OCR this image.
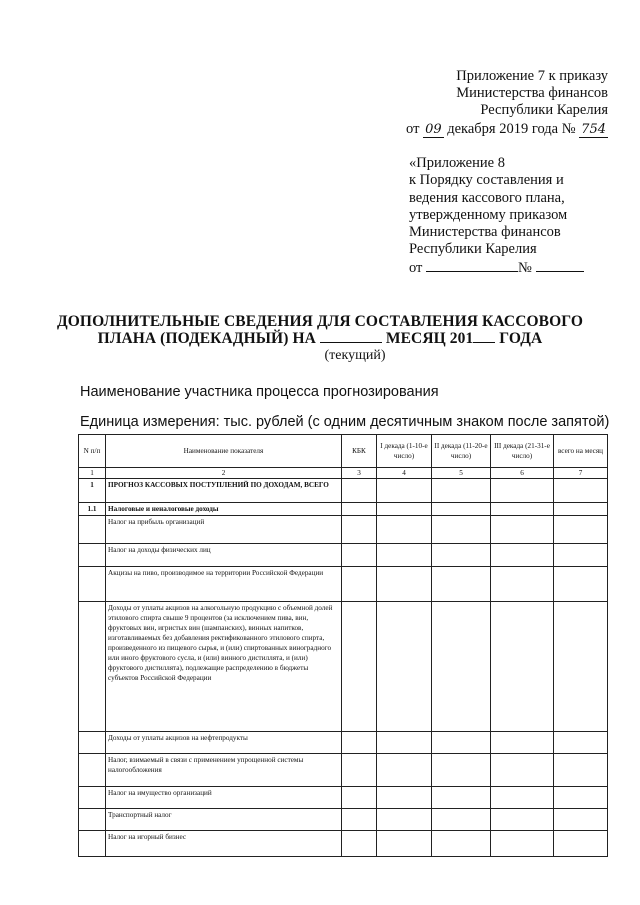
Приложение 7 к приказу
Министерства финансов
Республики Карелия
от 09 декабря 2019 года № 754
«Приложение 8
к Порядку составления и
ведения кассового плана,
утвержденному приказом
Министерства финансов
Республики Карелия
от	№
ДОПОЛНИТЕЛЬНЫЕ СВЕДЕНИЯ ДЛЯ СОСТАВЛЕНИЯ КАССОВОГО
ПЛАНА (ПОДЕКАДНЫЙ) НА	МЕСЯЦ 201 ГОДА
(текущий)
Наименование участника процесса прогнозирования
Единица измерения: тыс. рублей (с одним десятичным знаком после запятой)
N п/п	Наименование показателя	КБК	I декада (1-10-е число)	II декада (11-20-е число)	III декада (21-31-е число)	всего на месяц
1	2	3	4	5	6	7
1	ПРОГНОЗ КАССОВЫХ ПОСТУПЛЕНИЙ ПО ДОХОДАМ, ВСЕГО					
1.1	Налоговые и неналоговые доходы					
	Налог на прибыль организаций					
	Налог на доходы физических лиц					
	Акцизы на пиво, производимое на территории Российской Федерации					
	Доходы от уплаты акцизов на алкогольную продукцию с объемной долей этилового спирта свыше 9 процентов (за исключением пива, вин, фруктовых вин, игристых вин (шампанских), винных напитков, изготавливаемых без добавления ректификованного этилового спирта, произведенного из пищевого сырья, и (или) спиртованных виноградного или иного фруктового сусла, и (или) винного дистиллята, и (или) фруктового дистиллята), подлежащие распределению в бюджеты субъектов Российской Федерации					
	Доходы от уплаты акцизов на нефтепродукты					
	Налог, взимаемый в связи с применением упрощенной системы налогообложения					
	Налог на имущество организаций					
	Транспортный налог					
	Налог на игорный бизнес					
